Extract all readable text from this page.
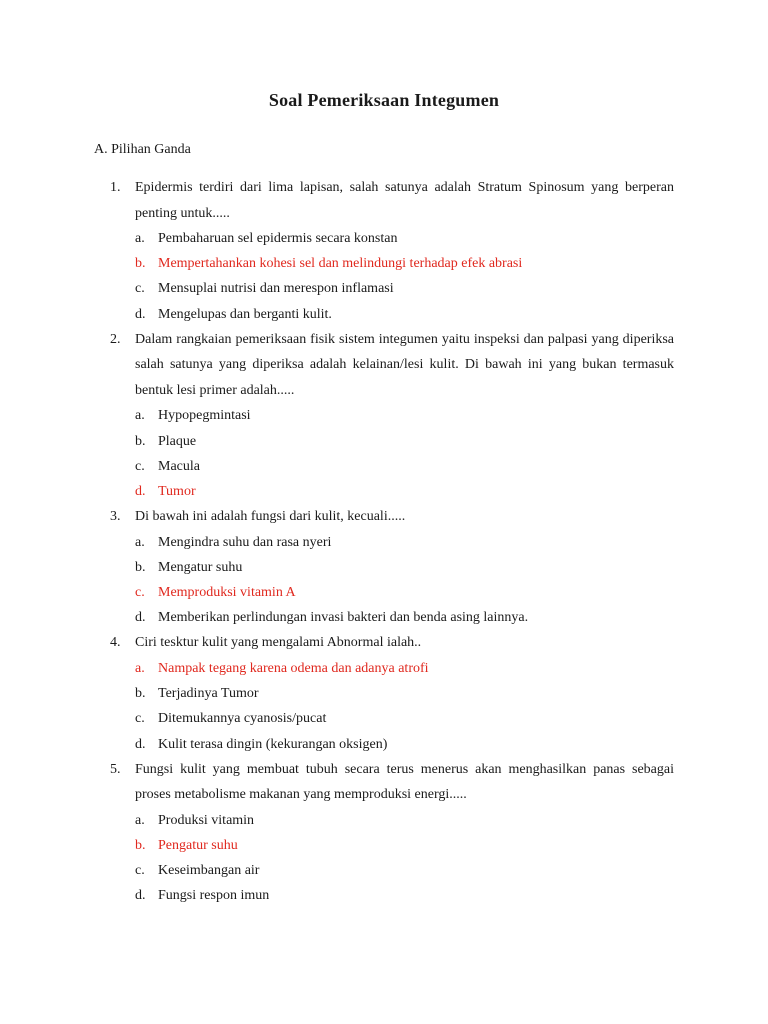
Soal Pemeriksaan Integumen
A. Pilihan Ganda
1. Epidermis terdiri dari lima lapisan, salah satunya adalah Stratum Spinosum yang berperan penting untuk.....
a. Pembaharuan sel epidermis secara konstan
b. Mempertahankan kohesi sel dan melindungi terhadap efek abrasi
c. Mensuplai nutrisi dan merespon inflamasi
d. Mengelupas dan berganti kulit.
2. Dalam rangkaian pemeriksaan fisik sistem integumen yaitu inspeksi dan palpasi yang diperiksa salah satunya yang diperiksa adalah kelainan/lesi kulit. Di bawah ini yang bukan termasuk bentuk lesi primer adalah.....
a. Hypopegmintasi
b. Plaque
c. Macula
d. Tumor
3. Di bawah ini adalah fungsi dari kulit, kecuali.....
a. Mengindra suhu dan rasa nyeri
b. Mengatur suhu
c. Memproduksi vitamin A
d. Memberikan perlindungan invasi bakteri dan benda asing lainnya.
4. Ciri tesktur kulit yang mengalami Abnormal ialah..
a. Nampak tegang karena odema dan adanya atrofi
b. Terjadinya Tumor
c. Ditemukannya cyanosis/pucat
d. Kulit terasa dingin (kekurangan oksigen)
5. Fungsi kulit yang membuat tubuh secara terus menerus akan menghasilkan panas sebagai proses metabolisme makanan yang memproduksi energi.....
a. Produksi vitamin
b. Pengatur suhu
c. Keseimbangan air
d. Fungsi respon imun
